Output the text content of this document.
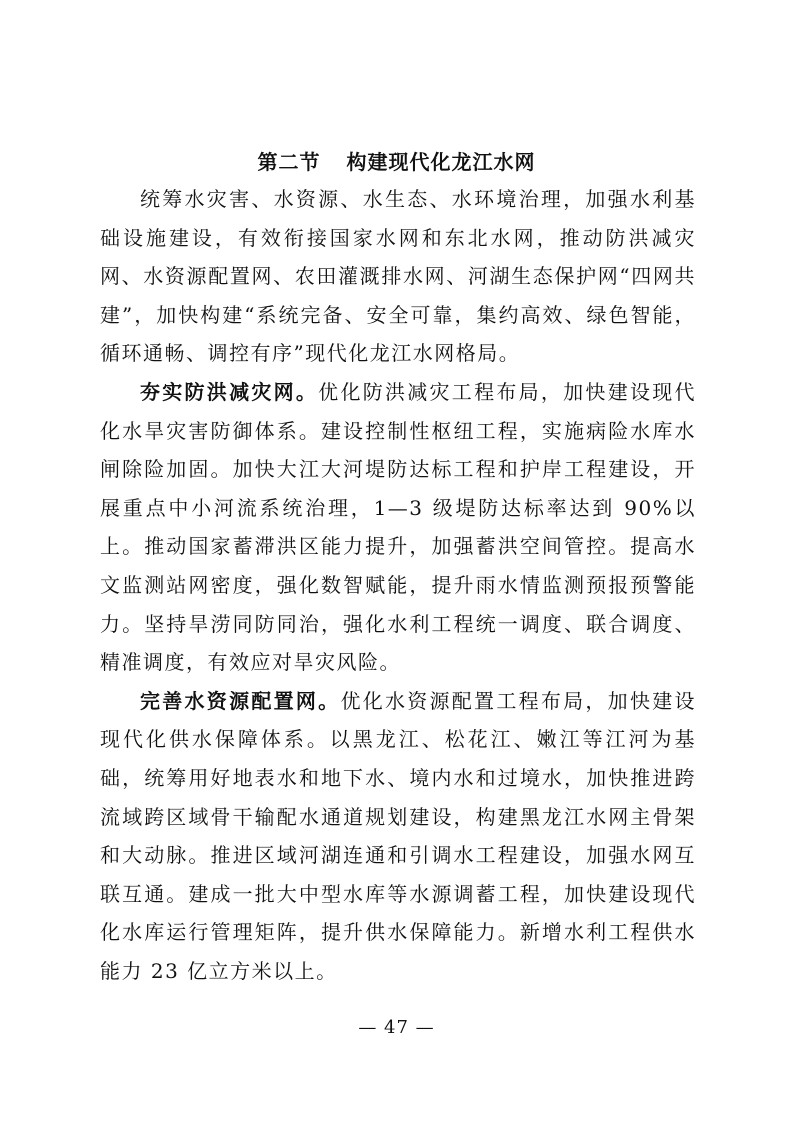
第二节 构建现代化龙江水网

统筹水灾害、水资源、水生态、水环境治理，加强水利基础设施建设，有效衔接国家水网和东北水网，推动防洪减灾网、水资源配置网、农田灌溉排水网、河湖生态保护网“四网共建”，加快构建“系统完备、安全可靠，集约高效、绿色智能，循环通畅、调控有序”现代化龙江水网格局。

夯实防洪减灾网。优化防洪减灾工程布局，加快建设现代化水旱灾害防御体系。建设控制性枢纽工程，实施病险水库水闸除险加固。加快大江大河堤防达标工程和护岸工程建设，开展重点中小河流系统治理，1—3 级堤防达标率达到 90%以上。推动国家蓄滞洪区能力提升，加强蓄洪空间管控。提高水文监测站网密度，强化数智赋能，提升雨水情监测预报预警能力。坚持旱涝同防同治，强化水利工程统一调度、联合调度、精准调度，有效应对旱灾风险。

完善水资源配置网。优化水资源配置工程布局，加快建设现代化供水保障体系。以黑龙江、松花江、嫩江等江河为基础，统筹用好地表水和地下水、境内水和过境水，加快推进跨流域跨区域骨干输配水通道规划建设，构建黑龙江水网主骨架和大动脉。推进区域河湖连通和引调水工程建设，加强水网互联互通。建成一批大中型水库等水源调蓄工程，加快建设现代化水库运行管理矩阵，提升供水保障能力。新增水利工程供水能力 23 亿立方米以上。

— 47 —
